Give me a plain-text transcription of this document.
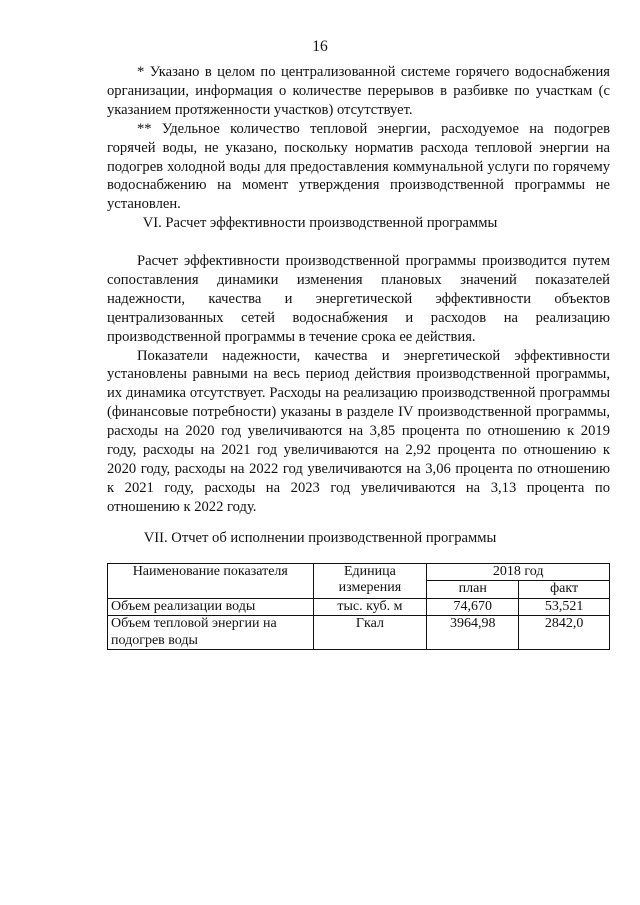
16

* Указано в целом по централизованной системе горячего водоснабжения организации, информация о количестве перерывов в разбивке по участкам (с указанием протяженности участков) отсутствует.

** Удельное количество тепловой энергии, расходуемое на подогрев горячей воды, не указано, поскольку норматив расхода тепловой энергии на подогрев холодной воды для предоставления коммунальной услуги по горячему водоснабжению на момент утверждения производственной программы не установлен.

VI. Расчет эффективности производственной программы

Расчет эффективности производственной программы производится путем сопоставления динамики изменения плановых значений показателей надежности, качества и энергетической эффективности объектов централизованных сетей водоснабжения и расходов на реализацию производственной программы в течение срока ее действия.

Показатели надежности, качества и энергетической эффективности установлены равными на весь период действия производственной программы, их динамика отсутствует. Расходы на реализацию производственной программы (финансовые потребности) указаны в разделе IV производственной программы, расходы на 2020 год увеличиваются на 3,85 процента по отношению к 2019 году, расходы на 2021 год увеличиваются на 2,92 процента по отношению к 2020 году, расходы на 2022 год увеличиваются на 3,06 процента по отношению к 2021 году, расходы на 2023 год увеличиваются на 3,13 процента по отношению к 2022 году.

VII. Отчет об исполнении производственной программы
Наименование показателя	Единица измерения	2018 год	
		план	факт
Объем реализации воды	тыс. куб. м	74,670	53,521
Объем тепловой энергии на подогрев воды	Гкал	3964,98	2842,0
